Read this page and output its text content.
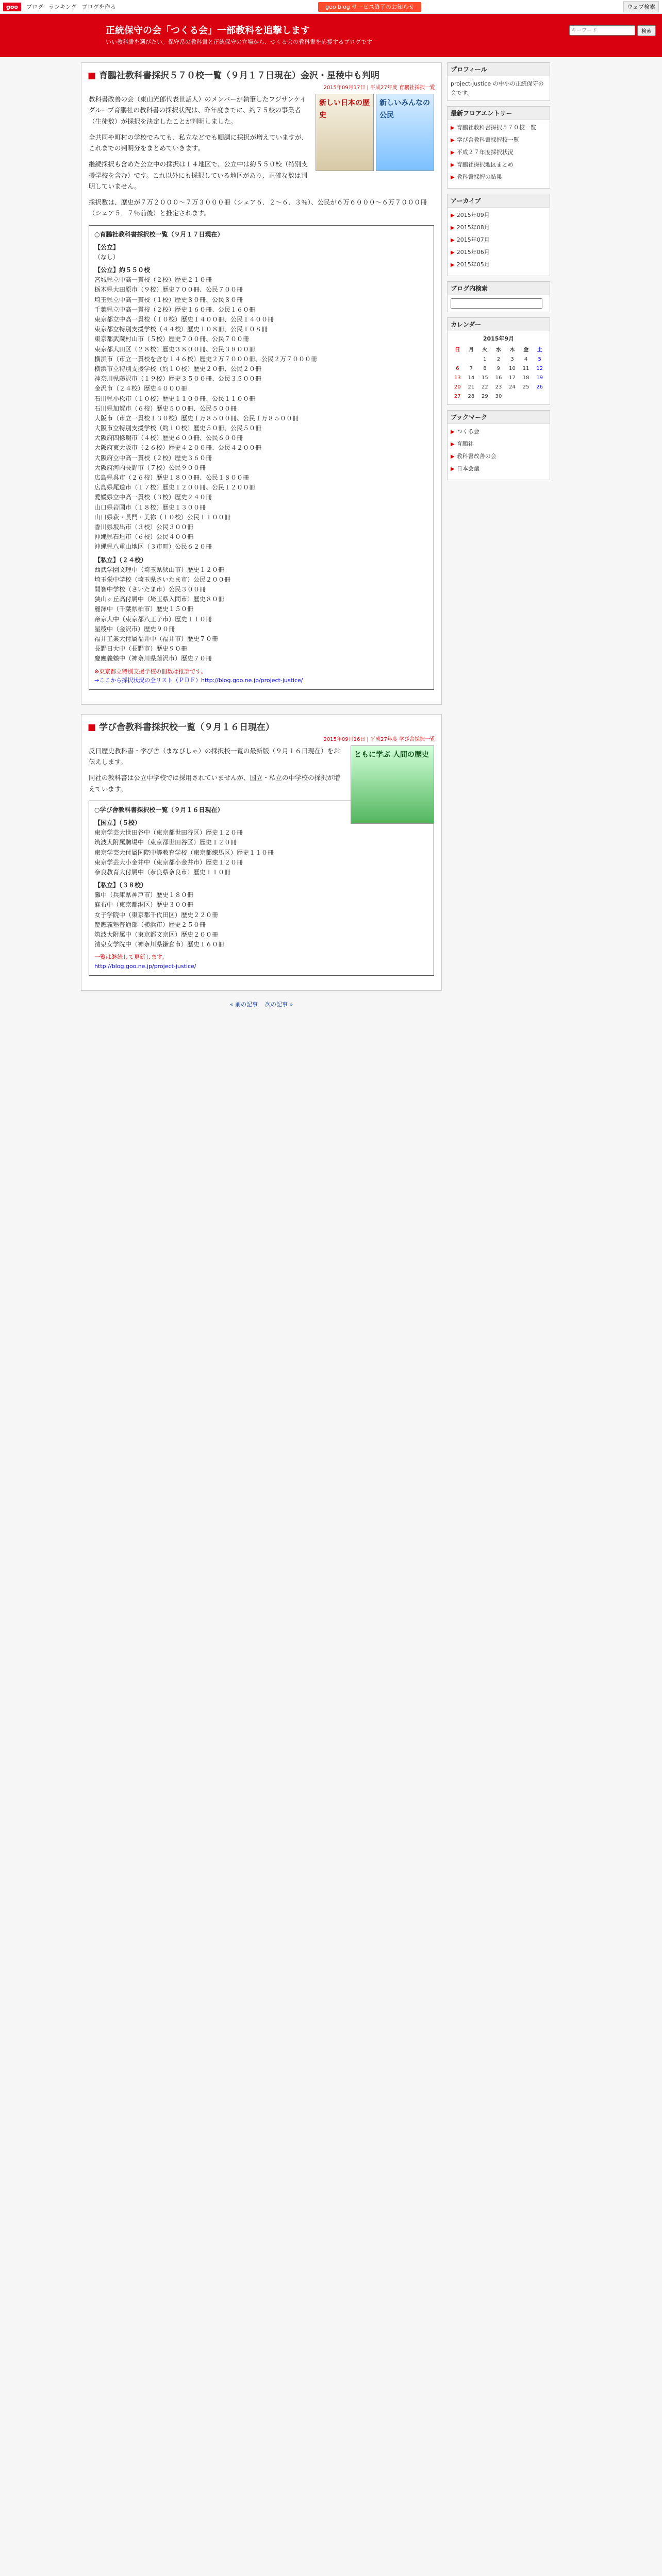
goo	ブログ ランキング ブログを作る	goo blog サービス終了のお知らせ	ウェブ検索
正統保守の会「つくる会」一部教科を追撃します
いい教科書を選びたい。保守系の教科書と正統保守の立場から、つくる会の教科書を応援するブログです
キーワード
検索
■ 育鵬社教科書採択５７０校一覧（９月１７日現在）金沢・星稜中も判明
2015年09月17日 | 平成27年度 育鵬社採択一覧
新しい日本の歴史
新しいみんなの公民

教科書改善の会（東山光郎代表世話人）のメンバーが執筆したフジサンケイグループ育鵬社の教科書の採択状況は、昨年度までに、約７５校の事業者（生徒数）が採択を決定したことが判明しました。

全共同や町村の学校でみても、私立などでも順調に採択が増えていますが、これまでの判明分をまとめていきます。

継続採択も含めた公立中の採択は１４地区で、公立中は約５５０校（特別支援学校を含む）です。これ以外にも採択している地区があり、正確な数は判明していません。

採択数は、歴史が７万２０００〜７万３０００冊（シェア６．２〜６．３％）、公民が６万６０００〜６万７０００冊（シェア５．７％前後）と推定されます。

○育鵬社教科書採択校一覧（９月１７日現在）
【公立】
（なし）
【公立】約５５０校
宮城県立中高一貫校（２校）歴史２１０冊
栃木県大田原市（９校）歴史７００冊、公民７００冊
埼玉県立中高一貫校（１校）歴史８０冊、公民８０冊
千葉県立中高一貫校（２校）歴史１６０冊、公民１６０冊
東京都立中高一貫校（１０校）歴史１４００冊、公民１４００冊
東京都立特別支援学校（４４校）歴史１０８冊、公民１０８冊
東京都武蔵村山市（５校）歴史７００冊、公民７００冊
東京都大田区（２８校）歴史３８００冊、公民３８００冊
横浜市（市立一貫校を含む１４６校）歴史２万７０００冊、公民２万７０００冊
横浜市立特別支援学校（約１０校）歴史２０冊、公民２０冊
神奈川県藤沢市（１９校）歴史３５００冊、公民３５００冊
金沢市（２４校）歴史４０００冊
石川県小松市（１０校）歴史１１００冊、公民１１００冊
石川県加賀市（６校）歴史５００冊、公民５００冊
大阪市（市立一貫校１３０校）歴史１万８５００冊、公民１万８５００冊
大阪市立特別支援学校（約１０校）歴史５０冊、公民５０冊
大阪府四條畷市（４校）歴史６００冊、公民６００冊
大阪府東大阪市（２６校）歴史４２００冊、公民４２００冊
大阪府立中高一貫校（２校）歴史３６０冊
大阪府河内長野市（７校）公民９００冊
広島県呉市（２６校）歴史１８００冊、公民１８００冊
広島県尾道市（１７校）歴史１２００冊、公民１２００冊
愛媛県立中高一貫校（３校）歴史２４０冊
山口県岩国市（１８校）歴史１３００冊
山口県萩・長門・美祢（１０校）公民１１００冊
香川県坂出市（３校）公民３００冊
沖縄県石垣市（６校）公民４００冊
沖縄県八重山地区（３市町）公民６２０冊
【私立】（２４校）
西武学園文理中（埼玉県狭山市）歴史１２０冊
埼玉栄中学校（埼玉県さいたま市）公民２００冊
開智中学校（さいたま市）公民３００冊
狭山ヶ丘高付属中（埼玉県入間市）歴史８０冊
麗澤中（千葉県柏市）歴史１５０冊
帝京大中（東京都八王子市）歴史１１０冊
星稜中（金沢市）歴史９０冊
福井工業大付属福井中（福井市）歴史７０冊
長野日大中（長野市）歴史９０冊
慶應義塾中（神奈川県藤沢市）歴史７０冊
※東京都立特別支援学校の冊数は推計です。
→ここから採択状況の全リスト（ＰＤＦ）http://blog.goo.ne.jp/project-justice/
■ 学び舎教科書採択校一覧（９月１６日現在）
2015年09月16日 | 平成27年度 学び舎採択一覧
ともに学ぶ 人間の歴史

反日歴史教科書・学び舎（まなびしゃ）の採択校一覧の最新版（９月１６日現在）をお伝えします。

同社の教科書は公立中学校では採用されていませんが、国立・私立の中学校の採択が増えています。

○学び舎教科書採択校一覧（９月１６日現在）
【国立】（５校）
東京学芸大世田谷中（東京都世田谷区）歴史１２０冊
筑波大附属駒場中（東京都世田谷区）歴史１２０冊
東京学芸大付属国際中等教育学校（東京都練馬区）歴史１１０冊
東京学芸大小金井中（東京都小金井市）歴史１２０冊
奈良教育大付属中（奈良県奈良市）歴史１１０冊
【私立】（３８校）
灘中（兵庫県神戸市）歴史１８０冊
麻布中（東京都港区）歴史３００冊
女子学院中（東京都千代田区）歴史２２０冊
慶應義塾普通部（横浜市）歴史２５０冊
筑波大附属中（東京都文京区）歴史２００冊
清泉女学院中（神奈川県鎌倉市）歴史１６０冊
一覧は継続して更新します。
http://blog.goo.ne.jp/project-justice/
« 前の記事 次の記事 »
プロフィール
project-justice の中小の正統保守の会です。
最新フロアエントリー
▶ 育鵬社教科書採択５７０校一覧
▶ 学び舎教科書採択校一覧
▶ 平成２７年度採択状況
▶ 育鵬社採択地区まとめ
▶ 教科書採択の結果
アーカイブ
▶ 2015年09月
▶ 2015年08月
▶ 2015年07月
▶ 2015年06月
▶ 2015年05月
ブログ内検索
カレンダー
2015年9月
日	月	火	水	木	金	土
		1	2	3	4	5
6	7	8	9	10	11	12
13	14	15	16	17	18	19
20	21	22	23	24	25	26
27	28	29	30			
ブックマーク
▶ つくる会
▶ 育鵬社
▶ 教科書改善の会
▶ 日本会議
